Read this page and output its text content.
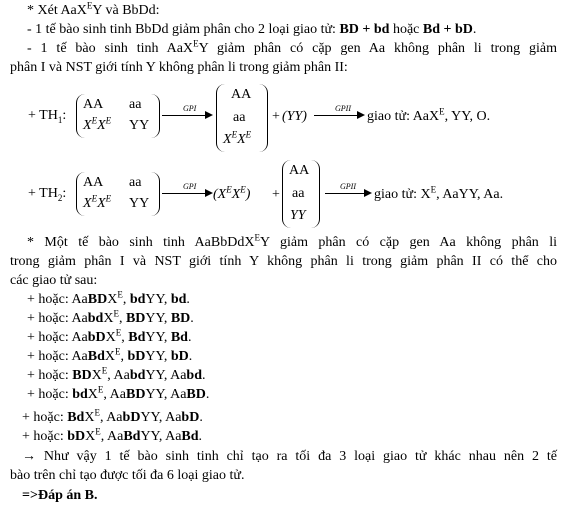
* Xét AaX$^E$Y và BbDd:
- 1 tế bào sinh tinh BbDd giảm phân cho 2 loại giao tử: BD + bd hoặc Bd + bD.
- 1 tế bào sinh tinh AaX$^E$Y giảm phân có cặp gen Aa không phân li trong giảm
phân I và NST giới tính Y không phân li trong giảm phân II:
+ $TH_1$:
AA aa
$X^EX^E$ YY
GPI
AA
aa
$X^EX^E$
+ (YY)
GPII
giao tử: AaX$^E$, YY, O.
+ $TH_2$:
AA aa
$X^EX^E$ YY
GPI
$(X^EX^E)$ +
AA
aa
YY
GPII
giao tử: $X^E$, AaYY, Aa.
* Một tế bào sinh tinh AaBbDdX$^E$Y giảm phân có cặp gen Aa không phân li
trong giảm phân I và NST giới tính Y không phân li trong giảm phân II có thể cho
các giao tử sau:
+ hoặc: AaBDX$^E$, bdYY, bd.
+ hoặc: AabdX$^E$, BDYY, BD.
+ hoặc: AabDX$^E$, BdYY, Bd.
+ hoặc: AaBdX$^E$, bDYY, bD.
+ hoặc: $BDX^E$, AabdYY, Aabd.
+ hoặc: bdX$^E$, AaBDYY, AaBD.
+ hoặc: BdX$^E$, AabDYY, AabD.
+ hoặc: bDX$^E$, AaBdYY, AaBd.
→ Như vậy 1 tế bào sinh tinh chỉ tạo ra tối đa 3 loại giao tử khác nhau nên 2 tế
bào trên chỉ tạo được tối đa 6 loại giao tử.
=>Đáp án B.
